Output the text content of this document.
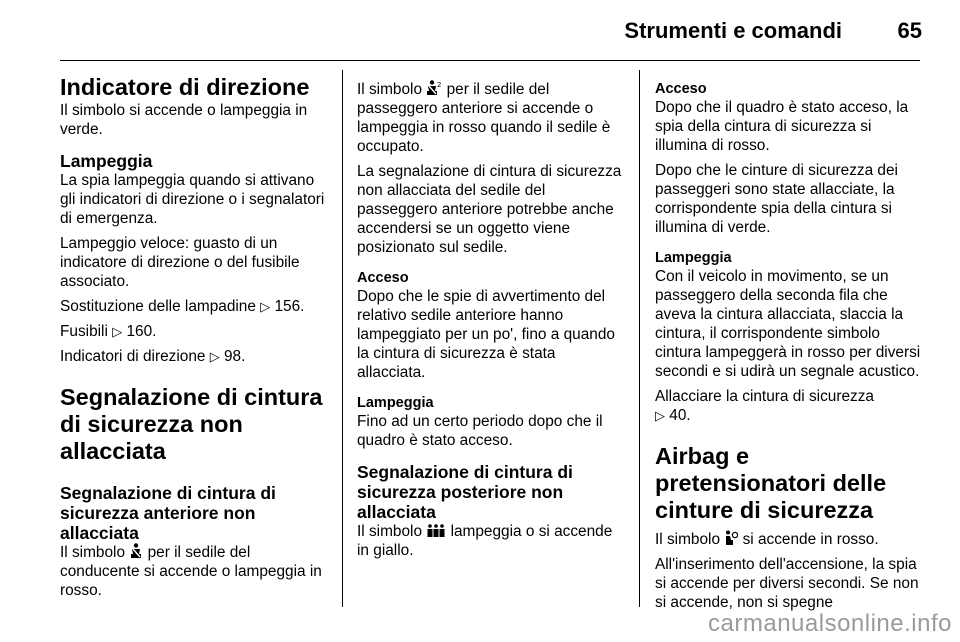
Strumenti e comandi	65

Indicatore di direzione

Il simbolo si accende o lampeggia in verde.

Lampeggia

La spia lampeggia quando si attivano gli indicatori di direzione o i segnalatori di emergenza.

Lampeggio veloce: guasto di un indicatore di direzione o del fusibile associato.

Sostituzione delle lampadine ▷ 156.

Fusibili ▷ 160.

Indicatori di direzione ▷ 98.

Segnalazione di cintura di sicurezza non allacciata

Segnalazione di cintura di sicurezza anteriore non allacciata

Il simbolo per il sedile del conducente si accende o lampeggia in rosso.

Il simbolo 2 per il sedile del passeggero anteriore si accende o lampeggia in rosso quando il sedile è occupato.

La segnalazione di cintura di sicurezza non allacciata del sedile del passeggero anteriore potrebbe anche accendersi se un oggetto viene posizionato sul sedile.

Acceso

Dopo che le spie di avvertimento del relativo sedile anteriore hanno lampeggiato per un po', fino a quando la cintura di sicurezza è stata allacciata.

Lampeggia

Fino ad un certo periodo dopo che il quadro è stato acceso.

Segnalazione di cintura di sicurezza posteriore non allacciata

Il simbolo lampeggia o si accende in giallo.

Acceso

Dopo che il quadro è stato acceso, la spia della cintura di sicurezza si illumina di rosso.

Dopo che le cinture di sicurezza dei passeggeri sono state allacciate, la corrispondente spia della cintura si illumina di verde.

Lampeggia

Con il veicolo in movimento, se un passeggero della seconda fila che aveva la cintura allacciata, slaccia la cintura, il corrispondente simbolo cintura lampeggerà in rosso per diversi secondi e si udirà un segnale acustico.

Allacciare la cintura di sicurezza

▷ 40.

Airbag e pretensionatori delle cinture di sicurezza

Il simbolo si accende in rosso.

All'inserimento dell'accensione, la spia si accende per diversi secondi. Se non si accende, non si spegne

carmanualsonline.info
